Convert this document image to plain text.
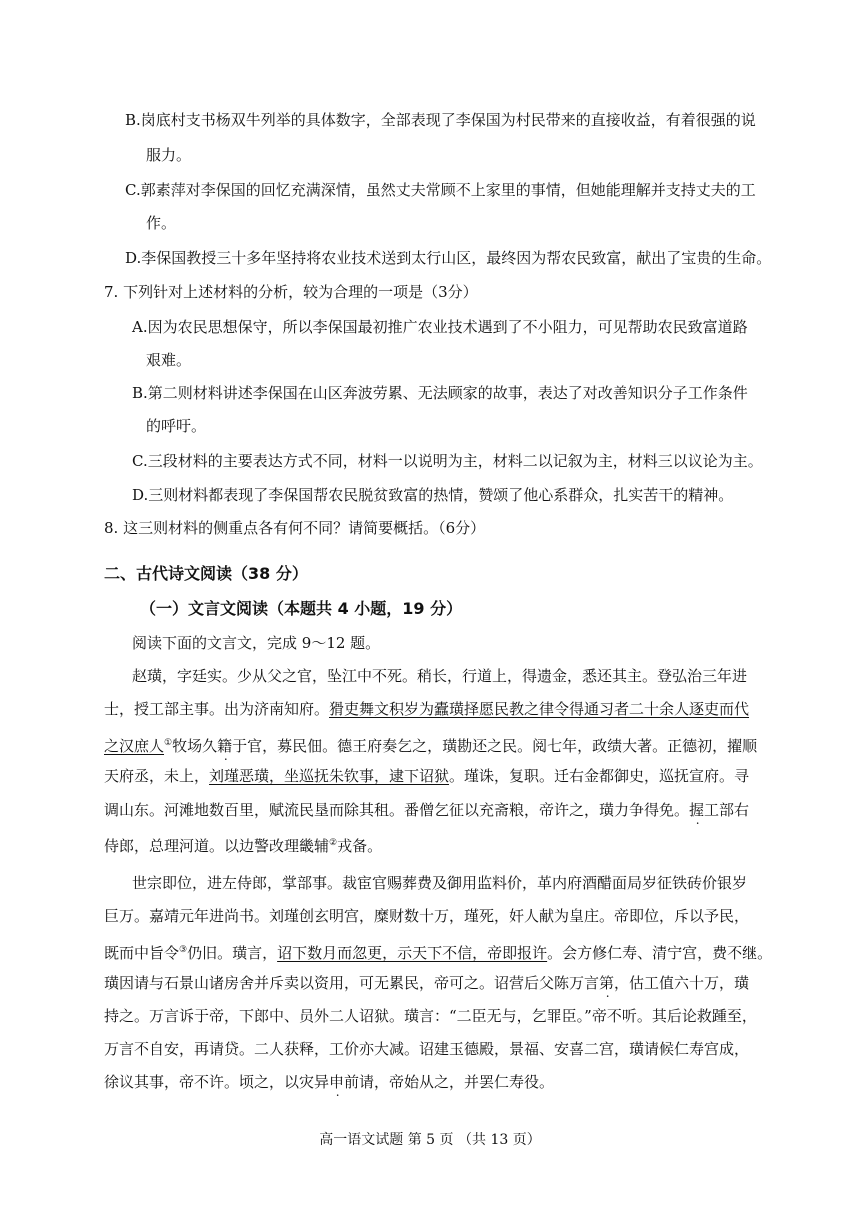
B.岗底村支书杨双牛列举的具体数字，全部表现了李保国为村民带来的直接收益，有着很强的说
服力。
C.郭素萍对李保国的回忆充满深情，虽然丈夫常顾不上家里的事情，但她能理解并支持丈夫的工
作。
D.李保国教授三十多年坚持将农业技术送到太行山区，最终因为帮农民致富，献出了宝贵的生命。
7. 下列针对上述材料的分析，较为合理的一项是（3分）
A.因为农民思想保守，所以李保国最初推广农业技术遇到了不小阻力，可见帮助农民致富道路
艰难。
B.第二则材料讲述李保国在山区奔波劳累、无法顾家的故事，表达了对改善知识分子工作条件
的呼吁。
C.三段材料的主要表达方式不同，材料一以说明为主，材料二以记叙为主，材料三以议论为主。
D.三则材料都表现了李保国帮农民脱贫致富的热情，赞颂了他心系群众，扎实苦干的精神。
8. 这三则材料的侧重点各有何不同？请简要概括。（6分）
二、古代诗文阅读（38 分）
（一）文言文阅读（本题共 4 小题，19 分）
阅读下面的文言文，完成 9～12 题。
赵璜，字廷实。少从父之官，坠江中不死。稍长，行道上，得遗金，悉还其主。登弘治三年进
士，授工部主事。出为济南知府。猾吏舞文积岁为蠹璜择愿民教之律令得通习者二十余人逐吏而代
之汉庶人①牧场久籍于官，募民佃。德王府奏乞之，璜勘还之民。阅七年，政绩大著。正德初，擢顺
天府丞，未上，刘瑾恶璜，坐巡抚朱钦事，逮下诏狱。瑾诛，复职。迁右金都御史，巡抚宣府。寻
调山东。河滩地数百里，赋流民垦而除其租。番僧乞征以充斋粮，帝许之，璜力争得免。握工部右
侍郎，总理河道。以边警改理畿辅②戎备。
世宗即位，进左侍郎，掌部事。裁宦官赐葬费及御用监料价，革内府酒醋面局岁征铁砖价银岁
巨万。嘉靖元年进尚书。刘瑾创玄明宫，糜财数十万，瑾死，奸人献为皇庄。帝即位，斥以予民，
既而中旨令③仍旧。璜言，诏下数月而忽更，示天下不信，帝即报许。会方修仁寿、清宁宫，费不继。
璜因请与石景山诸房舍并斥卖以资用，可无累民，帝可之。诏营后父陈万言第，估工值六十万，璜
持之。万言诉于帝，下郎中、员外二人诏狱。璜言：“二臣无与，乞罪臣。”帝不听。其后论救踵至，
万言不自安，再请贷。二人获释，工价亦大减。诏建玉德殿，景福、安喜二宫，璜请候仁寿宫成，
徐议其事，帝不许。顷之，以灾异申前请，帝始从之，并罢仁寿役。
高一语文试题 第 5 页 （共 13 页）
